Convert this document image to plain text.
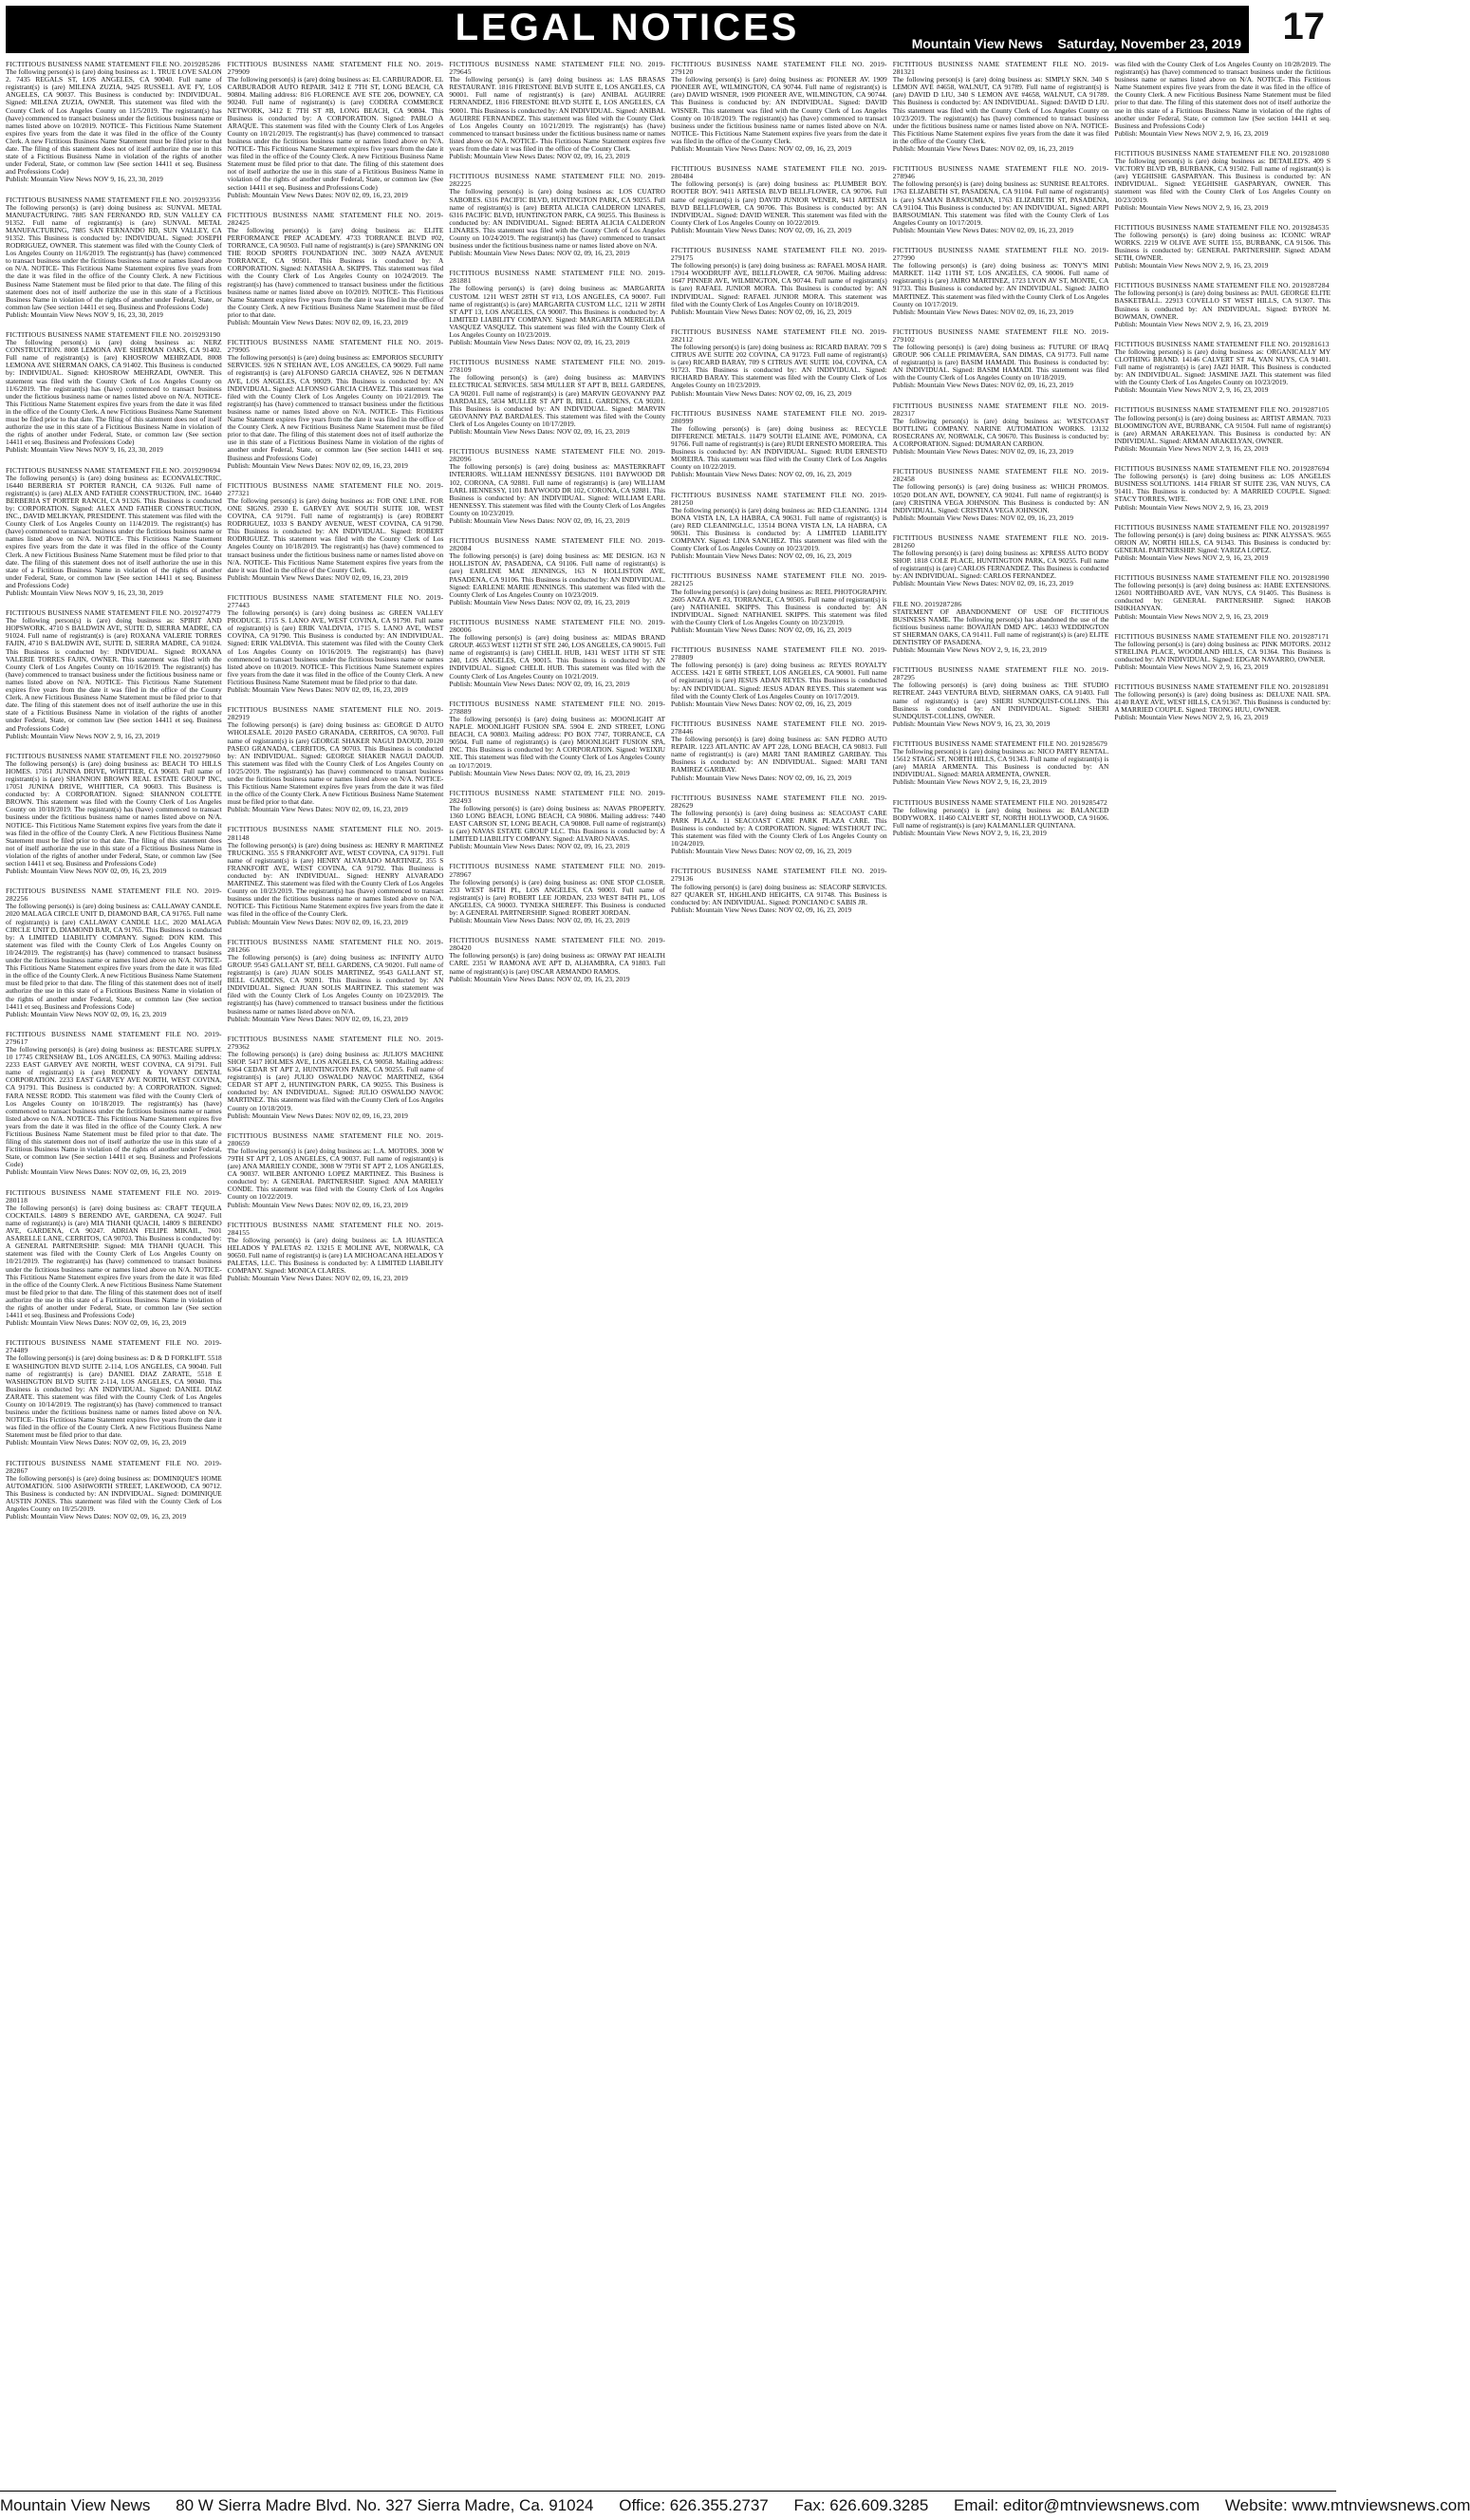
LEGAL NOTICES	Mountain View News Saturday, November 23, 2019 17
FICTITIOUS BUSINESS NAME STATEMENT FILE NO. 2019285286

The following person(s) is (are) doing business as: 1. TRUE LOVE SALON 2. 7435 REGALS ST, LOS ANGELES, CA 90040. Full name of registrant(s) is (are) MILENA ZUZIA, 9425 RUSSELL AVE FY, LOS ANGELES, CA 90037. This Business is conducted by: INDIVIDUAL. Signed: MILENA ZUZIA, OWNER. This statement was filed with the County Clerk of Los Angeles County on 11/5/2019. The registrant(s) has (have) commenced to transact business under the fictitious business name or names listed above on 10/2019. NOTICE- This Fictitious Name Statement expires five years from the date it was filed in the office of the County Clerk. A new Fictitious Business Name Statement must be filed prior to that date. The filing of this statement does not of itself authorize the use in this state of a Fictitious Business Name in violation of the rights of another under Federal, State, or common law (See section 14411 et seq. Business and Professions Code)

Publish: Mountain View News NOV 9, 16, 23, 30, 2019

FICTITIOUS BUSINESS NAME STATEMENT FILE NO. 2019293356

The following person(s) is (are) doing business as: SUNVAL METAL MANUFACTURING. 7885 SAN FERNANDO RD, SUN VALLEY CA 91352. Full name of registrant(s) is (are) SUNVAL METAL MANUFACTURING, 7885 SAN FERNANDO RD, SUN VALLEY, CA 91352. This Business is conducted by: INDIVIDUAL. Signed: JOSEPH RODRIGUEZ, OWNER. This statement was filed with the County Clerk of Los Angeles County on 11/6/2019. The registrant(s) has (have) commenced to transact business under the fictitious business name or names listed above on N/A. NOTICE- This Fictitious Name Statement expires five years from the date it was filed in the office of the County Clerk. A new Fictitious Business Name Statement must be filed prior to that date. The filing of this statement does not of itself authorize the use in this state of a Fictitious Business Name in violation of the rights of another under Federal, State, or common law (See section 14411 et seq. Business and Professions Code)

Publish: Mountain View News NOV 9, 16, 23, 30, 2019

FICTITIOUS BUSINESS NAME STATEMENT FILE NO. 2019293190

The following person(s) is (are) doing business as: NERZ CONSTRUCTION. 8008 LEMONA AVE SHERMAN OAKS, CA 91402. Full name of registrant(s) is (are) KHOSROW MEHRZADI, 8008 LEMONA AVE SHERMAN OAKS, CA 91402. This Business is conducted by: INDIVIDUAL. Signed: KHOSROW MEHRZADI, OWNER. This statement was filed with the County Clerk of Los Angeles County on 11/6/2019. The registrant(s) has (have) commenced to transact business under the fictitious business name or names listed above on N/A. NOTICE- This Fictitious Name Statement expires five years from the date it was filed in the office of the County Clerk. A new Fictitious Business Name Statement must be filed prior to that date. The filing of this statement does not of itself authorize the use in this state of a Fictitious Business Name in violation of the rights of another under Federal, State, or common law (See section 14411 et seq. Business and Professions Code)

Publish: Mountain View News NOV 9, 16, 23, 30, 2019

FICTITIOUS BUSINESS NAME STATEMENT FILE NO. 2019290694

The following person(s) is (are) doing business as: ECONVALECTRIC. 16440 BERBERIA ST PORTER RANCH, CA 91326. Full name of registrant(s) is (are) ALEX AND FATHER CONSTRUCTION, INC. 16440 BERBERIA ST PORTER RANCH, CA 91326. This Business is conducted by: CORPORATION. Signed: ALEX AND FATHER CONSTRUCTION, INC., DAVID MELIKYAN, PRESIDENT. This statement was filed with the County Clerk of Los Angeles County on 11/4/2019. The registrant(s) has (have) commenced to transact business under the fictitious business name or names listed above on N/A. NOTICE- This Fictitious Name Statement expires five years from the date it was filed in the office of the County Clerk. A new Fictitious Business Name Statement must be filed prior to that date. The filing of this statement does not of itself authorize the use in this state of a Fictitious Business Name in violation of the rights of another under Federal, State, or common law (See section 14411 et seq. Business and Professions Code)

Publish: Mountain View News NOV 9, 16, 23, 30, 2019

FICTITIOUS BUSINESS NAME STATEMENT FILE NO. 2019274779

The following person(s) is (are) doing business as: SPIRIT AND HOPSWORK. 4710 S BALDWIN AVE, SUITE D, SIERRA MADRE, CA 91024. Full name of registrant(s) is (are) ROXANA VALERIE TORRES FAJIN, 4710 S BALDWIN AVE, SUITE D, SIERRA MADRE, CA 91024. This Business is conducted by: INDIVIDUAL. Signed: ROXANA VALERIE TORRES FAJIN, OWNER. This statement was filed with the County Clerk of Los Angeles County on 10/16/2019. The registrant(s) has (have) commenced to transact business under the fictitious business name or names listed above on N/A. NOTICE- This Fictitious Name Statement expires five years from the date it was filed in the office of the County Clerk. A new Fictitious Business Name Statement must be filed prior to that date. The filing of this statement does not of itself authorize the use in this state of a Fictitious Business Name in violation of the rights of another under Federal, State, or common law (See section 14411 et seq. Business and Professions Code)

Publish: Mountain View News NOV 2, 9, 16, 23, 2019

FICTITIOUS BUSINESS NAME STATEMENT FILE NO. 2019279060

The following person(s) is (are) doing business as: BEACH TO HILLS HOMES. 17051 JUNINA DRIVE, WHITTIER, CA 90603. Full name of registrant(s) is (are) SHANNON BROWN REAL ESTATE GROUP INC, 17051 JUNINA DRIVE, WHITTIER, CA 90603. This Business is conducted by: A CORPORATION. Signed: SHANNON COLETTE BROWN. This statement was filed with the County Clerk of Los Angeles County on 10/18/2019. The registrant(s) has (have) commenced to transact business under the fictitious business name or names listed above on N/A. NOTICE- This Fictitious Name Statement expires five years from the date it was filed in the office of the County Clerk. A new Fictitious Business Name Statement must be filed prior to that date. The filing of this statement does not of itself authorize the use in this state of a Fictitious Business Name in violation of the rights of another under Federal, State, or common law (See section 14411 et seq. Business and Professions Code)

Publish: Mountain View News NOV 02, 09, 16, 23, 2019

FICTITIOUS BUSINESS NAME STATEMENT FILE NO. 2019-282256

The following person(s) is (are) doing business as: CALLAWAY CANDLE. 2020 MALAGA CIRCLE UNIT D, DIAMOND BAR, CA 91765. Full name of registrant(s) is (are) CALLAWAY CANDLE LLC, 2020 MALAGA CIRCLE UNIT D, DIAMOND BAR, CA 91765. This Business is conducted by: A LIMITED LIABILITY COMPANY. Signed: DON KIM. This statement was filed with the County Clerk of Los Angeles County on 10/24/2019. The registrant(s) has (have) commenced to transact business under the fictitious business name or names listed above on N/A. NOTICE- This Fictitious Name Statement expires five years from the date it was filed in the office of the County Clerk. A new Fictitious Business Name Statement must be filed prior to that date. The filing of this statement does not of itself authorize the use in this state of a Fictitious Business Name in violation of the rights of another under Federal, State, or common law (See section 14411 et seq. Business and Professions Code)

Publish: Mountain View News NOV 02, 09, 16, 23, 2019

FICTITIOUS BUSINESS NAME STATEMENT FILE NO. 2019-279617

The following person(s) is (are) doing business as: BESTCARE SUPPLY. 10 17745 CRENSHAW BL, LOS ANGELES, CA 90763. Mailing address: 2233 EAST GARVEY AVE NORTH, WEST COVINA, CA 91791. Full name of registrant(s) is (are) RODNEY & YOVANY DENTAL CORPORATION. 2233 EAST GARVEY AVE NORTH, WEST COVINA, CA 91791. This Business is conducted by: A CORPORATION. Signed: FARA NESSE RODD. This statement was filed with the County Clerk of Los Angeles County on 10/18/2019. The registrant(s) has (have) commenced to transact business under the fictitious business name or names listed above on N/A. NOTICE- This Fictitious Name Statement expires five years from the date it was filed in the office of the County Clerk. A new Fictitious Business Name Statement must be filed prior to that date. The filing of this statement does not of itself authorize the use in this state of a Fictitious Business Name in violation of the rights of another under Federal, State, or common law (See section 14411 et seq. Business and Professions Code)

Publish: Mountain View News Dates: NOV 02, 09, 16, 23, 2019

FICTITIOUS BUSINESS NAME STATEMENT FILE NO. 2019-280118

The following person(s) is (are) doing business as: CRAFT TEQUILA COCKTAILS. 14809 S BERENDO AVE, GARDENA, CA 90247. Full name of registrant(s) is (are) MIA THANH QUACH, 14809 S BERENDO AVE, GARDENA, CA 90247. ADRIAN FELIPE MIKAIL, 7601 ASARELLE LANE, CERRITOS, CA 90703. This Business is conducted by: A GENERAL PARTNERSHIP. Signed: MIA THANH QUACH. This statement was filed with the County Clerk of Los Angeles County on 10/21/2019. The registrant(s) has (have) commenced to transact business under the fictitious business name or names listed above on N/A. NOTICE- This Fictitious Name Statement expires five years from the date it was filed in the office of the County Clerk. A new Fictitious Business Name Statement must be filed prior to that date. The filing of this statement does not of itself authorize the use in this state of a Fictitious Business Name in violation of the rights of another under Federal, State, or common law (See section 14411 et seq. Business and Professions Code)

Publish: Mountain View News Dates: NOV 02, 09, 16, 23, 2019

FICTITIOUS BUSINESS NAME STATEMENT FILE NO. 2019-274489

The following person(s) is (are) doing business as: D & D FORKLIFT. 5518 E WASHINGTON BLVD SUITE 2-114, LOS ANGELES, CA 90040. Full name of registrant(s) is (are) DANIEL DIAZ ZARATE, 5518 E WASHINGTON BLVD SUITE 2-114, LOS ANGELES, CA 90040. This Business is conducted by: AN INDIVIDUAL. Signed: DANIEL DIAZ ZARATE. This statement was filed with the County Clerk of Los Angeles County on 10/14/2019. The registrant(s) has (have) commenced to transact business under the fictitious business name or names listed above on N/A. NOTICE- This Fictitious Name Statement expires five years from the date it was filed in the office of the County Clerk. A new Fictitious Business Name Statement must be filed prior to that date.

Publish: Mountain View News Dates: NOV 02, 09, 16, 23, 2019

FICTITIOUS BUSINESS NAME STATEMENT FILE NO. 2019-282867

The following person(s) is (are) doing business as: DOMINIQUE'S HOME AUTOMATION. 5100 ASHWORTH STREET, LAKEWOOD, CA 90712. This Business is conducted by: AN INDIVIDUAL. Signed: DOMINIQUE AUSTIN JONES. This statement was filed with the County Clerk of Los Angeles County on 10/25/2019.

Publish: Mountain View News Dates: NOV 02, 09, 16, 23, 2019

FICTITIOUS BUSINESS NAME STATEMENT FILE NO. 2019-279909

The following person(s) is (are) doing business as: EL CARBURADOR. EL CARBURADOR AUTO REPAIR. 3412 E 7TH ST, LONG BEACH, CA 90804. Mailing address: 816 FLORENCE AVE STE 206, DOWNEY, CA 90240. Full name of registrant(s) is (are) CODERA COMMERCE NETWORK, 3412 E 7TH ST #B, LONG BEACH, CA 90804. This Business is conducted by: A CORPORATION. Signed: PABLO A ARAQUE. This statement was filed with the County Clerk of Los Angeles County on 10/21/2019. The registrant(s) has (have) commenced to transact business under the fictitious business name or names listed above on N/A. NOTICE- This Fictitious Name Statement expires five years from the date it was filed in the office of the County Clerk. A new Fictitious Business Name Statement must be filed prior to that date. The filing of this statement does not of itself authorize the use in this state of a Fictitious Business Name in violation of the rights of another under Federal, State, or common law (See section 14411 et seq. Business and Professions Code)

Publish: Mountain View News Dates: NOV 02, 09, 16, 23, 2019

FICTITIOUS BUSINESS NAME STATEMENT FILE NO. 2019-282425

The following person(s) is (are) doing business as: ELITE PERFORMANCE PREP ACADEMY. 4733 TORRANCE BLVD #02, TORRANCE, CA 90503. Full name of registrant(s) is (are) SPANKING ON THE ROOD SPORTS FOUNDATION INC. 3009 NAZA AVENUE TORRANCE, CA 90501. This Business is conducted by: A CORPORATION. Signed: NATASHA A. SKIPPS. This statement was filed with the County Clerk of Los Angeles County on 10/24/2019. The registrant(s) has (have) commenced to transact business under the fictitious business name or names listed above on 10/2019. NOTICE- This Fictitious Name Statement expires five years from the date it was filed in the office of the County Clerk. A new Fictitious Business Name Statement must be filed prior to that date.

Publish: Mountain View News Dates: NOV 02, 09, 16, 23, 2019

FICTITIOUS BUSINESS NAME STATEMENT FILE NO. 2019-279905

The following person(s) is (are) doing business as: EMPORIOS SECURITY SERVICES. 926 N STEHAN AVE, LOS ANGELES, CA 90029. Full name of registrant(s) is (are) ALFONSO GARCIA CHAVEZ, 926 N DETMAN AVE, LOS ANGELES, CA 90029. This Business is conducted by: AN INDIVIDUAL. Signed: ALFONSO GARCIA CHAVEZ. This statement was filed with the County Clerk of Los Angeles County on 10/21/2019. The registrant(s) has (have) commenced to transact business under the fictitious business name or names listed above on N/A. NOTICE- This Fictitious Name Statement expires five years from the date it was filed in the office of the County Clerk. A new Fictitious Business Name Statement must be filed prior to that date. The filing of this statement does not of itself authorize the use in this state of a Fictitious Business Name in violation of the rights of another under Federal, State, or common law (See section 14411 et seq. Business and Professions Code)

Publish: Mountain View News Dates: NOV 02, 09, 16, 23, 2019

FICTITIOUS BUSINESS NAME STATEMENT FILE NO. 2019-277321

The following person(s) is (are) doing business as: FOR ONE LINE. FOR ONE SIGNS. 2930 E. GARVEY AVE SOUTH SUITE 108, WEST COVINA, CA 91791. Full name of registrant(s) is (are) ROBERT RODRIGUEZ, 1033 S BANDY AVENUE, WEST COVINA, CA 91790. This Business is conducted by: AN INDIVIDUAL. Signed: ROBERT RODRIGUEZ. This statement was filed with the County Clerk of Los Angeles County on 10/18/2019. The registrant(s) has (have) commenced to transact business under the fictitious business name or names listed above on N/A. NOTICE- This Fictitious Name Statement expires five years from the date it was filed in the office of the County Clerk.

Publish: Mountain View News Dates: NOV 02, 09, 16, 23, 2019

FICTITIOUS BUSINESS NAME STATEMENT FILE NO. 2019-277443

The following person(s) is (are) doing business as: GREEN VALLEY PRODUCE. 1715 S. LANO AVE, WEST COVINA, CA 91790. Full name of registrant(s) is (are) ERIK VALDIVIA, 1715 S. LANO AVE, WEST COVINA, CA 91790. This Business is conducted by: AN INDIVIDUAL. Signed: ERIK VALDIVIA. This statement was filed with the County Clerk of Los Angeles County on 10/16/2019. The registrant(s) has (have) commenced to transact business under the fictitious business name or names listed above on 10/2019. NOTICE- This Fictitious Name Statement expires five years from the date it was filed in the office of the County Clerk. A new Fictitious Business Name Statement must be filed prior to that date.

Publish: Mountain View News Dates: NOV 02, 09, 16, 23, 2019

FICTITIOUS BUSINESS NAME STATEMENT FILE NO. 2019-282919

The following person(s) is (are) doing business as: GEORGE D AUTO WHOLESALE. 20120 PASEO GRANADA, CERRITOS, CA 90703. Full name of registrant(s) is (are) GEORGE SHAKER NAGUI DAOUD, 20120 PASEO GRANADA, CERRITOS, CA 90703. This Business is conducted by: AN INDIVIDUAL. Signed: GEORGE SHAKER NAGUI DAOUD. This statement was filed with the County Clerk of Los Angeles County on 10/25/2019. The registrant(s) has (have) commenced to transact business under the fictitious business name or names listed above on N/A. NOTICE- This Fictitious Name Statement expires five years from the date it was filed in the office of the County Clerk. A new Fictitious Business Name Statement must be filed prior to that date.

Publish: Mountain View News Dates: NOV 02, 09, 16, 23, 2019

FICTITIOUS BUSINESS NAME STATEMENT FILE NO. 2019-281148

The following person(s) is (are) doing business as: HENRY R MARTINEZ TRUCKING. 355 S FRANKFORT AVE, WEST COVINA, CA 91791. Full name of registrant(s) is (are) HENRY ALVARADO MARTINEZ, 355 S FRANKFORT AVE, WEST COVINA, CA 91792. This Business is conducted by: AN INDIVIDUAL. Signed: HENRY ALVARADO MARTINEZ. This statement was filed with the County Clerk of Los Angeles County on 10/23/2019. The registrant(s) has (have) commenced to transact business under the fictitious business name or names listed above on N/A. NOTICE- This Fictitious Name Statement expires five years from the date it was filed in the office of the County Clerk.

Publish: Mountain View News Dates: NOV 02, 09, 16, 23, 2019

FICTITIOUS BUSINESS NAME STATEMENT FILE NO. 2019-281266

The following person(s) is (are) doing business as: INFINITY AUTO GROUP. 9543 GALLANT ST, BELL GARDENS, CA 90201. Full name of registrant(s) is (are) JUAN SOLIS MARTINEZ, 9543 GALLANT ST, BELL GARDENS, CA 90201. This Business is conducted by: AN INDIVIDUAL. Signed: JUAN SOLIS MARTINEZ. This statement was filed with the County Clerk of Los Angeles County on 10/23/2019. The registrant(s) has (have) commenced to transact business under the fictitious business name or names listed above on N/A.

Publish: Mountain View News Dates: NOV 02, 09, 16, 23, 2019

FICTITIOUS BUSINESS NAME STATEMENT FILE NO. 2019-279362

The following person(s) is (are) doing business as: JULIO'S MACHINE SHOP. 5417 HOLMES AVE, LOS ANGELES, CA 90058. Mailing address: 6364 CEDAR ST APT 2, HUNTINGTON PARK, CA 90255. Full name of registrant(s) is (are) JULIO OSWALDO NAVOC MARTINEZ, 6364 CEDAR ST APT 2, HUNTINGTON PARK, CA 90255. This Business is conducted by: AN INDIVIDUAL. Signed: JULIO OSWALDO NAVOC MARTINEZ. This statement was filed with the County Clerk of Los Angeles County on 10/18/2019.

Publish: Mountain View News Dates: NOV 02, 09, 16, 23, 2019

FICTITIOUS BUSINESS NAME STATEMENT FILE NO. 2019-280659

The following person(s) is (are) doing business as: L.A. MOTORS. 3008 W 79TH ST APT 2, LOS ANGELES, CA 90037. Full name of registrant(s) is (are) ANA MARIELY CONDE, 3008 W 79TH ST APT 2, LOS ANGELES, CA 90037. WILBER ANTONIO LOPEZ MARTINEZ. This Business is conducted by: A GENERAL PARTNERSHIP. Signed: ANA MARIELY CONDE. This statement was filed with the County Clerk of Los Angeles County on 10/22/2019.

Publish: Mountain View News Dates: NOV 02, 09, 16, 23, 2019

FICTITIOUS BUSINESS NAME STATEMENT FILE NO. 2019-284155

The following person(s) is (are) doing business as: LA HUASTECA HELADOS Y PALETAS #2. 13215 E MOLINE AVE, NORWALK, CA 90650. Full name of registrant(s) is (are) LA MICHOACANA HELADOS Y PALETAS, LLC. This Business is conducted by: A LIMITED LIABILITY COMPANY. Signed: MONICA CLARES.

Publish: Mountain View News Dates: NOV 02, 09, 16, 23, 2019

FICTITIOUS BUSINESS NAME STATEMENT FILE NO. 2019-279645

The following person(s) is (are) doing business as: LAS BRASAS RESTAURANT. 1816 FIRESTONE BLVD SUITE E, LOS ANGELES, CA 90001. Full name of registrant(s) is (are) ANIBAL AGUIRRE FERNANDEZ, 1816 FIRESTONE BLVD SUITE E, LOS ANGELES, CA 90001. This Business is conducted by: AN INDIVIDUAL. Signed: ANIBAL AGUIRRE FERNANDEZ. This statement was filed with the County Clerk of Los Angeles County on 10/21/2019. The registrant(s) has (have) commenced to transact business under the fictitious business name or names listed above on N/A. NOTICE- This Fictitious Name Statement expires five years from the date it was filed in the office of the County Clerk.

Publish: Mountain View News Dates: NOV 02, 09, 16, 23, 2019

FICTITIOUS BUSINESS NAME STATEMENT FILE NO. 2019-282225

The following person(s) is (are) doing business as: LOS CUATRO SABORES. 6316 PACIFIC BLVD, HUNTINGTON PARK, CA 90255. Full name of registrant(s) is (are) BERTA ALICIA CALDERON LINARES, 6316 PACIFIC BLVD, HUNTINGTON PARK, CA 90255. This Business is conducted by: AN INDIVIDUAL. Signed: BERTA ALICIA CALDERON LINARES. This statement was filed with the County Clerk of Los Angeles County on 10/24/2019. The registrant(s) has (have) commenced to transact business under the fictitious business name or names listed above on N/A.

Publish: Mountain View News Dates: NOV 02, 09, 16, 23, 2019

FICTITIOUS BUSINESS NAME STATEMENT FILE NO. 2019-281881

The following person(s) is (are) doing business as: MARGARITA CUSTOM. 1211 WEST 28TH ST #13, LOS ANGELES, CA 90007. Full name of registrant(s) is (are) MARGARITA CUSTOM LLC, 1211 W 28TH ST APT 13, LOS ANGELES, CA 90007. This Business is conducted by: A LIMITED LIABILITY COMPANY. Signed: MARGARITA MEREGILDA VASQUEZ VASQUEZ. This statement was filed with the County Clerk of Los Angeles County on 10/23/2019.

Publish: Mountain View News Dates: NOV 02, 09, 16, 23, 2019

FICTITIOUS BUSINESS NAME STATEMENT FILE NO. 2019-278109

The following person(s) is (are) doing business as: MARVIN'S ELECTRICAL SERVICES. 5834 MULLER ST APT B, BELL GARDENS, CA 90201. Full name of registrant(s) is (are) MARVIN GEOVANNY PAZ BARDALES, 5834 MULLER ST APT B, BELL GARDENS, CA 90201. This Business is conducted by: AN INDIVIDUAL. Signed: MARVIN GEOVANNY PAZ BARDALES. This statement was filed with the County Clerk of Los Angeles County on 10/17/2019.

Publish: Mountain View News Dates: NOV 02, 09, 16, 23, 2019

FICTITIOUS BUSINESS NAME STATEMENT FILE NO. 2019-282096

The following person(s) is (are) doing business as: MASTERKRAFT INTERIORS. WILLIAM HENNESSY DESIGNS. 1101 BAYWOOD DR 102, CORONA, CA 92881. Full name of registrant(s) is (are) WILLIAM EARL HENNESSY, 1101 BAYWOOD DR 102, CORONA, CA 92881. This Business is conducted by: AN INDIVIDUAL. Signed: WILLIAM EARL HENNESSY. This statement was filed with the County Clerk of Los Angeles County on 10/23/2019.

Publish: Mountain View News Dates: NOV 02, 09, 16, 23, 2019

FICTITIOUS BUSINESS NAME STATEMENT FILE NO. 2019-282084

The following person(s) is (are) doing business as: ME DESIGN. 163 N HOLLISTON AV, PASADENA, CA 91106. Full name of registrant(s) is (are) EARLENE MAE JENNINGS, 163 N HOLLISTON AVE, PASADENA, CA 91106. This Business is conducted by: AN INDIVIDUAL. Signed: EARLENE MARIE JENNINGS. This statement was filed with the County Clerk of Los Angeles County on 10/23/2019.

Publish: Mountain View News Dates: NOV 02, 09, 16, 23, 2019

FICTITIOUS BUSINESS NAME STATEMENT FILE NO. 2019-280006

The following person(s) is (are) doing business as: MIDAS BRAND GROUP. 4653 WEST 112TH ST STE 240, LOS ANGELES, CA 90015. Full name of registrant(s) is (are) CHELIL HUB, 1431 WEST 11TH ST STE 240, LOS ANGELES, CA 90015. This Business is conducted by: AN INDIVIDUAL. Signed: CHELIL HUB. This statement was filed with the County Clerk of Los Angeles County on 10/21/2019.

Publish: Mountain View News Dates: NOV 02, 09, 16, 23, 2019

FICTITIOUS BUSINESS NAME STATEMENT FILE NO. 2019-278889

The following person(s) is (are) doing business as: MOONLIGHT AT NAPLE. MOONLIGHT FUSION SPA. 5904 E. 2ND STREET, LONG BEACH, CA 90803. Mailing address: PO BOX 7747, TORRANCE, CA 90504. Full name of registrant(s) is (are) MOONLIGHT FUSION SPA, INC. This Business is conducted by: A CORPORATION. Signed: WEIXIU XIE. This statement was filed with the County Clerk of Los Angeles County on 10/17/2019.

Publish: Mountain View News Dates: NOV 02, 09, 16, 23, 2019

FICTITIOUS BUSINESS NAME STATEMENT FILE NO. 2019-282493

The following person(s) is (are) doing business as: NAVAS PROPERTY. 1360 LONG BEACH, LONG BEACH, CA 90806. Mailing address: 7440 EAST CARSON ST, LONG BEACH, CA 90808. Full name of registrant(s) is (are) NAVAS ESTATE GROUP LLC. This Business is conducted by: A LIMITED LIABILITY COMPANY. Signed: ALVARO NAVAS.

Publish: Mountain View News Dates: NOV 02, 09, 16, 23, 2019

FICTITIOUS BUSINESS NAME STATEMENT FILE NO. 2019-278967

The following person(s) is (are) doing business as: ONE STOP CLOSER. 233 WEST 84TH PL, LOS ANGELES, CA 90003. Full name of registrant(s) is (are) ROBERT LEE JORDAN, 233 WEST 84TH PL, LOS ANGELES, CA 90003. TYNEKA SHEREFF. This Business is conducted by: A GENERAL PARTNERSHIP. Signed: ROBERT JORDAN.

Publish: Mountain View News Dates: NOV 02, 09, 16, 23, 2019

FICTITIOUS BUSINESS NAME STATEMENT FILE NO. 2019-280420

The following person(s) is (are) doing business as: ORWAY PAT HEALTH CARE. 2351 W RAMONA AVE APT D, ALHAMBRA, CA 91803. Full name of registrant(s) is (are) OSCAR ARMANDO RAMOS.

Publish: Mountain View News Dates: NOV 02, 09, 16, 23, 2019

FICTITIOUS BUSINESS NAME STATEMENT FILE NO. 2019-279120

The following person(s) is (are) doing business as: PIONEER AV. 1909 PIONEER AVE, WILMINGTON, CA 90744. Full name of registrant(s) is (are) DAVID WISNER, 1909 PIONEER AVE, WILMINGTON, CA 90744. This Business is conducted by: AN INDIVIDUAL. Signed: DAVID WISNER. This statement was filed with the County Clerk of Los Angeles County on 10/18/2019. The registrant(s) has (have) commenced to transact business under the fictitious business name or names listed above on N/A. NOTICE- This Fictitious Name Statement expires five years from the date it was filed in the office of the County Clerk.

Publish: Mountain View News Dates: NOV 02, 09, 16, 23, 2019

FICTITIOUS BUSINESS NAME STATEMENT FILE NO. 2019-280484

The following person(s) is (are) doing business as: PLUMBER BOY. ROOTER BOY. 9411 ARTESIA BLVD BELLFLOWER, CA 90706. Full name of registrant(s) is (are) DAVID JUNIOR WENER, 9411 ARTESIA BLVD BELLFLOWER, CA 90706. This Business is conducted by: AN INDIVIDUAL. Signed: DAVID WENER. This statement was filed with the County Clerk of Los Angeles County on 10/22/2019.

Publish: Mountain View News Dates: NOV 02, 09, 16, 23, 2019

FICTITIOUS BUSINESS NAME STATEMENT FILE NO. 2019-279175

The following person(s) is (are) doing business as: RAFAEL MOSA HAIR. 17914 WOODRUFF AVE, BELLFLOWER, CA 90706. Mailing address: 1647 PINNER AVE, WILMINGTON, CA 90744. Full name of registrant(s) is (are) RAFAEL JUNIOR MORA. This Business is conducted by: AN INDIVIDUAL. Signed: RAFAEL JUNIOR MORA. This statement was filed with the County Clerk of Los Angeles County on 10/18/2019.

Publish: Mountain View News Dates: NOV 02, 09, 16, 23, 2019

FICTITIOUS BUSINESS NAME STATEMENT FILE NO. 2019-282112

The following person(s) is (are) doing business as: RICARD BARAY. 709 S CITRUS AVE SUITE 202 COVINA, CA 91723. Full name of registrant(s) is (are) RICARD BARAY, 709 S CITRUS AVE SUITE 104, COVINA, CA 91723. This Business is conducted by: AN INDIVIDUAL. Signed: RICHARD BARAY. This statement was filed with the County Clerk of Los Angeles County on 10/23/2019.

Publish: Mountain View News Dates: NOV 02, 09, 16, 23, 2019

FICTITIOUS BUSINESS NAME STATEMENT FILE NO. 2019-280999

The following person(s) is (are) doing business as: RECYCLE DIFFERENCE METALS. 11479 SOUTH ELAINE AVE, POMONA, CA 91766. Full name of registrant(s) is (are) RUDI ERNESTO MOREIRA. This Business is conducted by: AN INDIVIDUAL. Signed: RUDI ERNESTO MOREIRA. This statement was filed with the County Clerk of Los Angeles County on 10/22/2019.

Publish: Mountain View News Dates: NOV 02, 09, 16, 23, 2019

FICTITIOUS BUSINESS NAME STATEMENT FILE NO. 2019-281250

The following person(s) is (are) doing business as: RED CLEANING. 1314 BONA VISTA LN, LA HABRA, CA 90631. Full name of registrant(s) is (are) RED CLEANINGLLC, 13514 BONA VISTA LN, LA HABRA, CA 90631. This Business is conducted by: A LIMITED LIABILITY COMPANY. Signed: LINA SANCHEZ. This statement was filed with the County Clerk of Los Angeles County on 10/23/2019.

Publish: Mountain View News Dates: NOV 02, 09, 16, 23, 2019

FICTITIOUS BUSINESS NAME STATEMENT FILE NO. 2019-282125

The following person(s) is (are) doing business as: REEL PHOTOGRAPHY. 2605 ANZA AVE #3, TORRANCE, CA 90505. Full name of registrant(s) is (are) NATHANIEL SKIPPS. This Business is conducted by: AN INDIVIDUAL. Signed: NATHANIEL SKIPPS. This statement was filed with the County Clerk of Los Angeles County on 10/23/2019.

Publish: Mountain View News Dates: NOV 02, 09, 16, 23, 2019

FICTITIOUS BUSINESS NAME STATEMENT FILE NO. 2019-278809

The following person(s) is (are) doing business as: REYES ROYALTY ACCESS. 1421 E 68TH STREET, LOS ANGELES, CA 90001. Full name of registrant(s) is (are) JESUS ADAN REYES. This Business is conducted by: AN INDIVIDUAL. Signed: JESUS ADAN REYES. This statement was filed with the County Clerk of Los Angeles County on 10/17/2019.

Publish: Mountain View News Dates: NOV 02, 09, 16, 23, 2019

FICTITIOUS BUSINESS NAME STATEMENT FILE NO. 2019-278446

The following person(s) is (are) doing business as: SAN PEDRO AUTO REPAIR. 1223 ATLANTIC AV APT 228, LONG BEACH, CA 90813. Full name of registrant(s) is (are) MARI TANI RAMIREZ GARIBAY. This Business is conducted by: AN INDIVIDUAL. Signed: MARI TANI RAMIREZ GARIBAY.

Publish: Mountain View News Dates: NOV 02, 09, 16, 23, 2019

FICTITIOUS BUSINESS NAME STATEMENT FILE NO. 2019-282629

The following person(s) is (are) doing business as: SEACOAST CARE PARK PLAZA. 11 SEACOAST CARE PARK PLAZA CARE. This Business is conducted by: A CORPORATION. Signed: WESTHOUT INC. This statement was filed with the County Clerk of Los Angeles County on 10/24/2019.

Publish: Mountain View News Dates: NOV 02, 09, 16, 23, 2019

FICTITIOUS BUSINESS NAME STATEMENT FILE NO. 2019-279136

The following person(s) is (are) doing business as: SEACORP SERVICES. 827 QUAKER ST, HIGHLAND HEIGHTS, CA 91748. This Business is conducted by: AN INDIVIDUAL. Signed: PONCIANO C SABIS JR.

Publish: Mountain View News Dates: NOV 02, 09, 16, 23, 2019

FICTITIOUS BUSINESS NAME STATEMENT FILE NO. 2019-281321

The following person(s) is (are) doing business as: SIMPLY SKN. 340 S LEMON AVE #4658, WALNUT, CA 91789. Full name of registrant(s) is (are) DAVID D LIU, 340 S LEMON AVE #4658, WALNUT, CA 91789. This Business is conducted by: AN INDIVIDUAL. Signed: DAVID D LIU. This statement was filed with the County Clerk of Los Angeles County on 10/23/2019. The registrant(s) has (have) commenced to transact business under the fictitious business name or names listed above on N/A. NOTICE- This Fictitious Name Statement expires five years from the date it was filed in the office of the County Clerk.

Publish: Mountain View News Dates: NOV 02, 09, 16, 23, 2019

FICTITIOUS BUSINESS NAME STATEMENT FILE NO. 2019-278946

The following person(s) is (are) doing business as: SUNRISE REALTORS. 1763 ELIZABETH ST, PASADENA, CA 91104. Full name of registrant(s) is (are) SAMAN BARSOUMIAN, 1763 ELIZABETH ST, PASADENA, CA 91104. This Business is conducted by: AN INDIVIDUAL. Signed: ARPI BARSOUMIAN. This statement was filed with the County Clerk of Los Angeles County on 10/17/2019.

Publish: Mountain View News Dates: NOV 02, 09, 16, 23, 2019

FICTITIOUS BUSINESS NAME STATEMENT FILE NO. 2019-277990

The following person(s) is (are) doing business as: TONY'S MINI MARKET. 1142 11TH ST, LOS ANGELES, CA 90006. Full name of registrant(s) is (are) JAIRO MARTINEZ, 1723 LYON AV ST, MONTE, CA 91733. This Business is conducted by: AN INDIVIDUAL. Signed: JAIRO MARTINEZ. This statement was filed with the County Clerk of Los Angeles County on 10/17/2019.

Publish: Mountain View News Dates: NOV 02, 09, 16, 23, 2019

FICTITIOUS BUSINESS NAME STATEMENT FILE NO. 2019-279102

The following person(s) is (are) doing business as: FUTURE OF IRAQ GROUP. 906 CALLE PRIMAVERA, SAN DIMAS, CA 91773. Full name of registrant(s) is (are) BASIM HAMADI. This Business is conducted by: AN INDIVIDUAL. Signed: BASIM HAMADI. This statement was filed with the County Clerk of Los Angeles County on 10/18/2019.

Publish: Mountain View News Dates: NOV 02, 09, 16, 23, 2019

FICTITIOUS BUSINESS NAME STATEMENT FILE NO. 2019-282317

The following person(s) is (are) doing business as: WESTCOAST BOTTLING COMPANY. NARINE AUTOMATION WORKS. 13132 ROSECRANS AV, NORWALK, CA 90670. This Business is conducted by: A CORPORATION. Signed: DUMARAN CARBON.

Publish: Mountain View News Dates: NOV 02, 09, 16, 23, 2019

FICTITIOUS BUSINESS NAME STATEMENT FILE NO. 2019-282458

The following person(s) is (are) doing business as: WHICH PROMOS. 10520 DOLAN AVE, DOWNEY, CA 90241. Full name of registrant(s) is (are) CRISTINA VEGA JOHNSON. This Business is conducted by: AN INDIVIDUAL. Signed: CRISTINA VEGA JOHNSON.

Publish: Mountain View News Dates: NOV 02, 09, 16, 23, 2019

FICTITIOUS BUSINESS NAME STATEMENT FILE NO. 2019-281260

The following person(s) is (are) doing business as: XPRESS AUTO BODY SHOP. 1818 COLE PLACE, HUNTINGTON PARK, CA 90255. Full name of registrant(s) is (are) CARLOS FERNANDEZ. This Business is conducted by: AN INDIVIDUAL. Signed: CARLOS FERNANDEZ.

Publish: Mountain View News Dates: NOV 02, 09, 16, 23, 2019

FILE NO. 2019287286

STATEMENT OF ABANDONMENT OF USE OF FICTITIOUS BUSINESS NAME. The following person(s) has abandoned the use of the fictitious business name: BOVAJIAN DMD APC. 14633 WEDDINGTON ST SHERMAN OAKS, CA 91411. Full name of registrant(s) is (are) ELITE DENTISTRY OF PASADENA.

Publish: Mountain View News NOV 2, 9, 16, 23, 2019

FICTITIOUS BUSINESS NAME STATEMENT FILE NO. 2019-287295

The following person(s) is (are) doing business as: THE STUDIO RETREAT. 2443 VENTURA BLVD, SHERMAN OAKS, CA 91403. Full name of registrant(s) is (are) SHERI SUNDQUIST-COLLINS. This Business is conducted by: AN INDIVIDUAL. Signed: SHERI SUNDQUIST-COLLINS, OWNER.

Publish: Mountain View News NOV 9, 16, 23, 30, 2019

FICTITIOUS BUSINESS NAME STATEMENT FILE NO. 2019285679

The following person(s) is (are) doing business as: NICO PARTY RENTAL. 15612 STAGG ST, NORTH HILLS, CA 91343. Full name of registrant(s) is (are) MARIA ARMENTA. This Business is conducted by: AN INDIVIDUAL. Signed: MARIA ARMENTA, OWNER.

Publish: Mountain View News NOV 2, 9, 16, 23, 2019

FICTITIOUS BUSINESS NAME STATEMENT FILE NO. 2019285472

The following person(s) is (are) doing business as: BALANCED BODYWORX. 11460 CALVERT ST, NORTH HOLLYWOOD, CA 91606. Full name of registrant(s) is (are) KALMANLLER QUINTANA.

Publish: Mountain View News NOV 2, 9, 16, 23, 2019

was filed with the County Clerk of Los Angeles County on 10/28/2019. The registrant(s) has (have) commenced to transact business under the fictitious business name or names listed above on N/A. NOTICE- This Fictitious Name Statement expires five years from the date it was filed in the office of the County Clerk. A new Fictitious Business Name Statement must be filed prior to that date. The filing of this statement does not of itself authorize the use in this state of a Fictitious Business Name in violation of the rights of another under Federal, State, or common law (See section 14411 et seq. Business and Professions Code)

Publish: Mountain View News NOV 2, 9, 16, 23, 2019

FICTITIOUS BUSINESS NAME STATEMENT FILE NO. 2019281080

The following person(s) is (are) doing business as: DETAILED'S. 409 S VICTORY BLVD #B, BURBANK, CA 91502. Full name of registrant(s) is (are) YEGHISHE GASPARYAN. This Business is conducted by: AN INDIVIDUAL. Signed: YEGHISHE GASPARYAN, OWNER. This statement was filed with the County Clerk of Los Angeles County on 10/23/2019.

Publish: Mountain View News NOV 2, 9, 16, 23, 2019

FICTITIOUS BUSINESS NAME STATEMENT FILE NO. 2019284535

The following person(s) is (are) doing business as: ICONIC WRAP WORKS. 2219 W OLIVE AVE SUITE 155, BURBANK, CA 91506. This Business is conducted by: GENERAL PARTNERSHIP. Signed: ADAM SETH, OWNER.

Publish: Mountain View News NOV 2, 9, 16, 23, 2019

FICTITIOUS BUSINESS NAME STATEMENT FILE NO. 2019287284

The following person(s) is (are) doing business as: PAUL GEORGE ELITE BASKETBALL. 22913 COVELLO ST WEST HILLS, CA 91307. This Business is conducted by: AN INDIVIDUAL. Signed: BYRON M. BOWMAN, OWNER.

Publish: Mountain View News NOV 2, 9, 16, 23, 2019

FICTITIOUS BUSINESS NAME STATEMENT FILE NO. 2019281613

The following person(s) is (are) doing business as: ORGANICALLY MY CLOTHING BRAND. 14146 CALVERT ST #4, VAN NUYS, CA 91401. Full name of registrant(s) is (are) JAZI HAIR. This Business is conducted by: AN INDIVIDUAL. Signed: JASMINE JAZI. This statement was filed with the County Clerk of Los Angeles County on 10/23/2019.

Publish: Mountain View News NOV 2, 9, 16, 23, 2019

FICTITIOUS BUSINESS NAME STATEMENT FILE NO. 2019287105

The following person(s) is (are) doing business as: ARTIST ARMAN. 7033 BLOOMINGTON AVE, BURBANK, CA 91504. Full name of registrant(s) is (are) ARMAN ARAKELYAN. This Business is conducted by: AN INDIVIDUAL. Signed: ARMAN ARAKELYAN, OWNER.

Publish: Mountain View News NOV 2, 9, 16, 23, 2019

FICTITIOUS BUSINESS NAME STATEMENT FILE NO. 2019287694

The following person(s) is (are) doing business as: LOS ANGELES BUSINESS SOLUTIONS. 1414 FRIAR ST SUITE 236, VAN NUYS, CA 91411. This Business is conducted by: A MARRIED COUPLE. Signed: STACY TORRES, WIFE.

Publish: Mountain View News NOV 2, 9, 16, 23, 2019

FICTITIOUS BUSINESS NAME STATEMENT FILE NO. 2019281997

The following person(s) is (are) doing business as: PINK ALYSSA'S. 9655 ORION AV, NORTH HILLS, CA 91343. This Business is conducted by: GENERAL PARTNERSHIP. Signed: YARIZA LOPEZ.

Publish: Mountain View News NOV 2, 9, 16, 23, 2019

FICTITIOUS BUSINESS NAME STATEMENT FILE NO. 2019281990

The following person(s) is (are) doing business as: HABE EXTENSIONS. 12601 NORTHBOARD AVE, VAN NUYS, CA 91405. This Business is conducted by: GENERAL PARTNERSHIP. Signed: HAKOB ISHKHANYAN.

Publish: Mountain View News NOV 2, 9, 16, 23, 2019

FICTITIOUS BUSINESS NAME STATEMENT FILE NO. 2019287171

The following person(s) is (are) doing business as: PINK MOTORS. 20312 STRELINA PLACE, WOODLAND HILLS, CA 91364. This Business is conducted by: AN INDIVIDUAL. Signed: EDGAR NAVARRO, OWNER.

Publish: Mountain View News NOV 2, 9, 16, 23, 2019

FICTITIOUS BUSINESS NAME STATEMENT FILE NO. 2019281891

The following person(s) is (are) doing business as: DELUXE NAIL SPA. 4140 RAYE AVE, WEST HILLS, CA 91367. This Business is conducted by: A MARRIED COUPLE. Signed: TRONG HUU, OWNER.

Publish: Mountain View News NOV 2, 9, 16, 23, 2019

Mountain View News 80 W Sierra Madre Blvd. No. 327 Sierra Madre, Ca. 91024 Office: 626.355.2737 Fax: 626.609.3285 Email: editor@mtnviewsnews.com Website: www.mtnviewsnews.com
